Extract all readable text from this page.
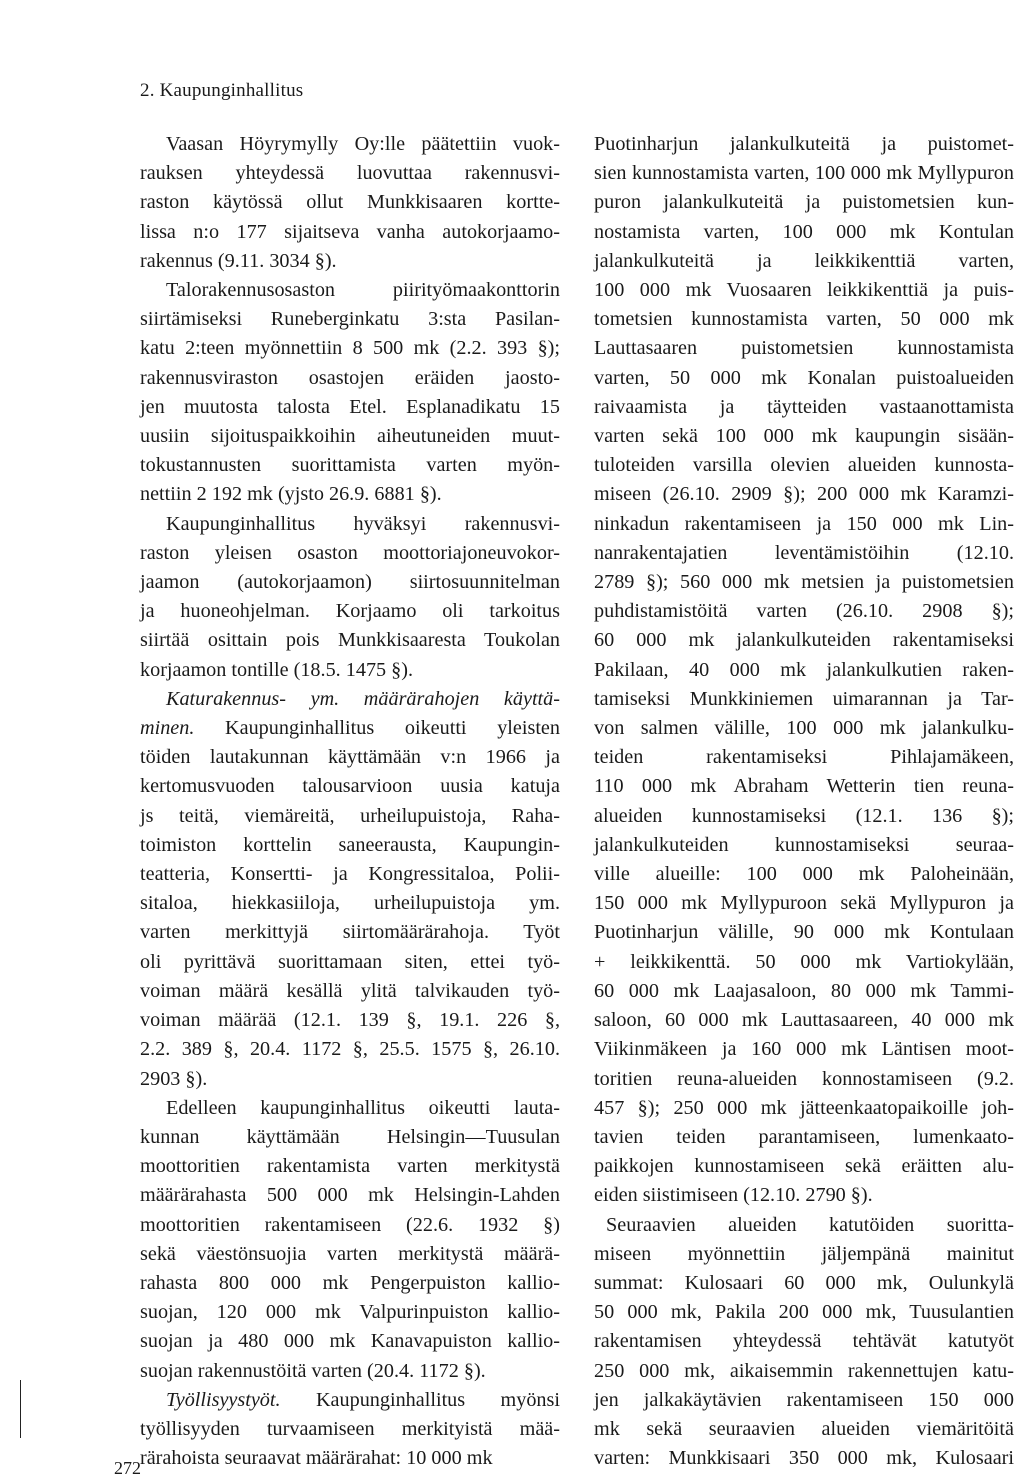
2. Kaupunginhallitus
Vaasan Höyrymylly Oy:lle päätettiin vuok-
rauksen yhteydessä luovuttaa rakennusvi-
raston käytössä ollut Munkkisaaren kortte-
lissa n:o 177 sijaitseva vanha autokorjaamo-
rakennus (9.11. 3034 §).
Talorakennusosaston piirityömaakonttorin
siirtämiseksi Runeberginkatu 3:sta Pasilan-
katu 2:teen myönnettiin 8 500 mk (2.2. 393 §);
rakennusviraston osastojen eräiden jaosto-
jen muutosta talosta Etel. Esplanadikatu 15
uusiin sijoituspaikkoihin aiheutuneiden muut-
tokustannusten suorittamista varten myön-
nettiin 2 192 mk (yjsto 26.9. 6881 §).
Kaupunginhallitus hyväksyi rakennusvi-
raston yleisen osaston moottoriajoneuvokor-
jaamon (autokorjaamon) siirtosuunnitelman
ja huoneohjelman. Korjaamo oli tarkoitus
siirtää osittain pois Munkkisaaresta Toukolan
korjaamon tontille (18.5. 1475 §).
Katurakennus- ym. määrärahojen käyttä-
minen. Kaupunginhallitus oikeutti yleisten
töiden lautakunnan käyttämään v:n 1966 ja
kertomusvuoden talousarvioon uusia katuja
js teitä, viemäreitä, urheilupuistoja, Raha-
toimiston korttelin saneerausta, Kaupungin-
teatteria, Konsertti- ja Kongressitaloa, Polii-
sitaloa, hiekkasiiloja, urheilupuistoja ym.
varten merkittyjä siirtomäärärahoja. Työt
oli pyrittävä suorittamaan siten, ettei työ-
voiman määrä kesällä ylitä talvikauden työ-
voiman määrää (12.1. 139 §, 19.1. 226 §,
2.2. 389 §, 20.4. 1172 §, 25.5. 1575 §, 26.10.
2903 §).
Edelleen kaupunginhallitus oikeutti lauta-
kunnan käyttämään Helsingin—Tuusulan
moottoritien rakentamista varten merkitystä
määrärahasta 500 000 mk Helsingin-Lahden
moottoritien rakentamiseen (22.6. 1932 §)
sekä väestönsuojia varten merkitystä määrä-
rahasta 800 000 mk Pengerpuiston kallio-
suojan, 120 000 mk Valpurinpuiston kallio-
suojan ja 480 000 mk Kanavapuiston kallio-
suojan rakennustöitä varten (20.4. 1172 §).
Työllisyystyöt. Kaupunginhallitus myönsi
työllisyyden turvaamiseen merkityistä mää-
rärahoista seuraavat määrärahat: 10 000 mk
Puotinharjun jalankulkuteitä ja puistomet-
sien kunnostamista varten, 100 000 mk Myllypuron
puron jalankulkuteitä ja puistometsien kun-
nostamista varten, 100 000 mk Kontulan
jalankulkuteitä ja leikkikenttiä varten,
100 000 mk Vuosaaren leikkikenttiä ja puis-
tometsien kunnostamista varten, 50 000 mk
Lauttasaaren puistometsien kunnostamista
varten, 50 000 mk Konalan puistoalueiden
raivaamista ja täytteiden vastaanottamista
varten sekä 100 000 mk kaupungin sisään-
tuloteiden varsilla olevien alueiden kunnosta-
miseen (26.10. 2909 §); 200 000 mk Karamzi-
ninkadun rakentamiseen ja 150 000 mk Lin-
nanrakentajatien leventämistöihin (12.10.
2789 §); 560 000 mk metsien ja puistometsien
puhdistamistöitä varten (26.10. 2908 §);
60 000 mk jalankulkuteiden rakentamiseksi
Pakilaan, 40 000 mk jalankulkutien raken-
tamiseksi Munkkiniemen uimarannan ja Tar-
von salmen välille, 100 000 mk jalankulku-
teiden rakentamiseksi Pihlajamäkeen,
110 000 mk Abraham Wetterin tien reuna-
alueiden kunnostamiseksi (12.1. 136 §);
jalankulkuteiden kunnostamiseksi seuraa-
ville alueille: 100 000 mk Paloheinään,
150 000 mk Myllypuroon sekä Myllypuron ja
Puotinharjun välille, 90 000 mk Kontulaan
+ leikkikenttä. 50 000 mk Vartiokylään,
60 000 mk Laajasaloon, 80 000 mk Tammi-
saloon, 60 000 mk Lauttasaareen, 40 000 mk
Viikinmäkeen ja 160 000 mk Läntisen moot-
toritien reuna-alueiden konnostamiseen (9.2.
457 §); 250 000 mk jätteenkaatopaikoille joh-
tavien teiden parantamiseen, lumenkaato-
paikkojen kunnostamiseen sekä eräitten alu-
eiden siistimiseen (12.10. 2790 §).
Seuraavien alueiden katutöiden suoritta-
miseen myönnettiin jäljempänä mainitut
summat: Kulosaari 60 000 mk, Oulunkylä
50 000 mk, Pakila 200 000 mk, Tuusulantien
rakentamisen yhteydessä tehtävät katutyöt
250 000 mk, aikaisemmin rakennettujen katu-
jen jalkakäytävien rakentamiseen 150 000
mk sekä seuraavien alueiden viemäritöitä
varten: Munkkisaari 350 000 mk, Kulosaari
272
